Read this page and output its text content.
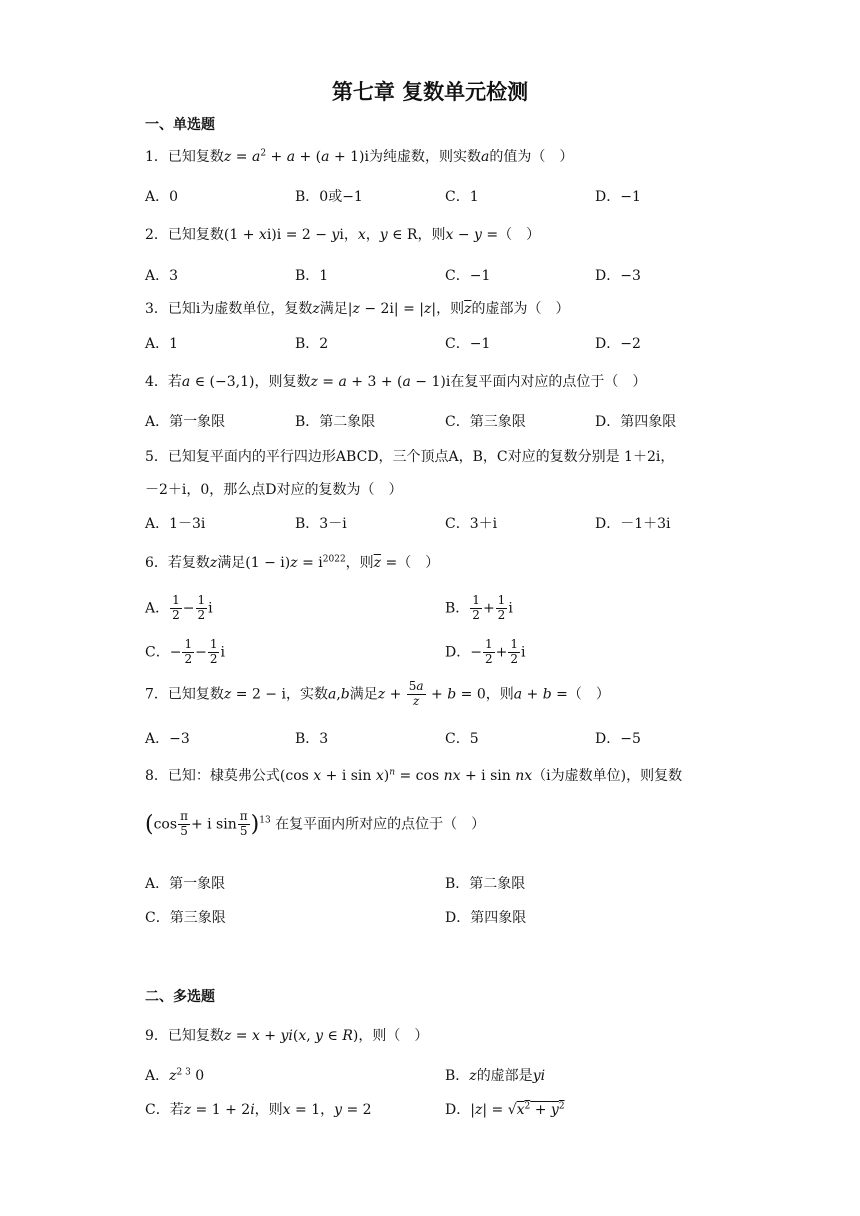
第七章 复数单元检测
一、单选题
1．已知复数$z = a^2 + a + (a + 1)i$为纯虚数，则实数a的值为（　）
A．0	B．0或−1	C．1	D．−1
2．已知复数(1 + xi)i = 2 − yi，x，y ∈ R，则x − y =（　）
A．3	B．1	C．−1	D．−3
3．已知i为虚数单位，复数z满足|z − 2i| = |z|，则$\overline{z}$的虚部为（　）
A．1	B．2	C．−1	D．−2
4．若a ∈ (−3,1)，则复数z = a + 3 + (a − 1)i在复平面内对应的点位于（　）
A．第一象限	B．第二象限	C．第三象限	D．第四象限
5．已知复平面内的平行四边形ABCD，三个顶点A，B，C对应的复数分别是 1＋2i，
－2＋i，0，那么点D对应的复数为（　）
A．1－3i	B．3－i	C．3＋i	D．－1＋3i
6．若复数z满足$(1 - i)z = i^{2022}$，则$\overline{z}$ =（　）
A． $\frac{1}{2} - \frac{1}{2}$ i	B． $\frac{1}{2} + \frac{1}{2}$ i
C．− $\frac{1}{2} - \frac{1}{2}$ i	D．− $\frac{1}{2} + \frac{1}{2}$ i
7．已知复数z = 2 − i，实数a,b满足$z + \frac{5a}{z} + b = 0$，则a + b =（　）
A．−3	B．3	C．5	D．−5
8．已知：棣莫弗公式(cos x + i sin x)$^n$ = cos nx + i sin nx（i为虚数单位)，则复数
($\cos \frac{\pi}{5} + i$ $\sin \frac{\pi}{5} )^{13}$ 在复平面内所对应的点位于（　）
A．第一象限	B．第二象限
C．第三象限	D．第四象限
二、多选题
9．已知复数z = x + yi(x, y ∈ R)，则（　）
A．$z^{2 3}$ 0	B．z的虚部是yi
C．若z = 1 + 2i，则x = 1，y = 2	D．$|z| = √x^2 + y^2$
